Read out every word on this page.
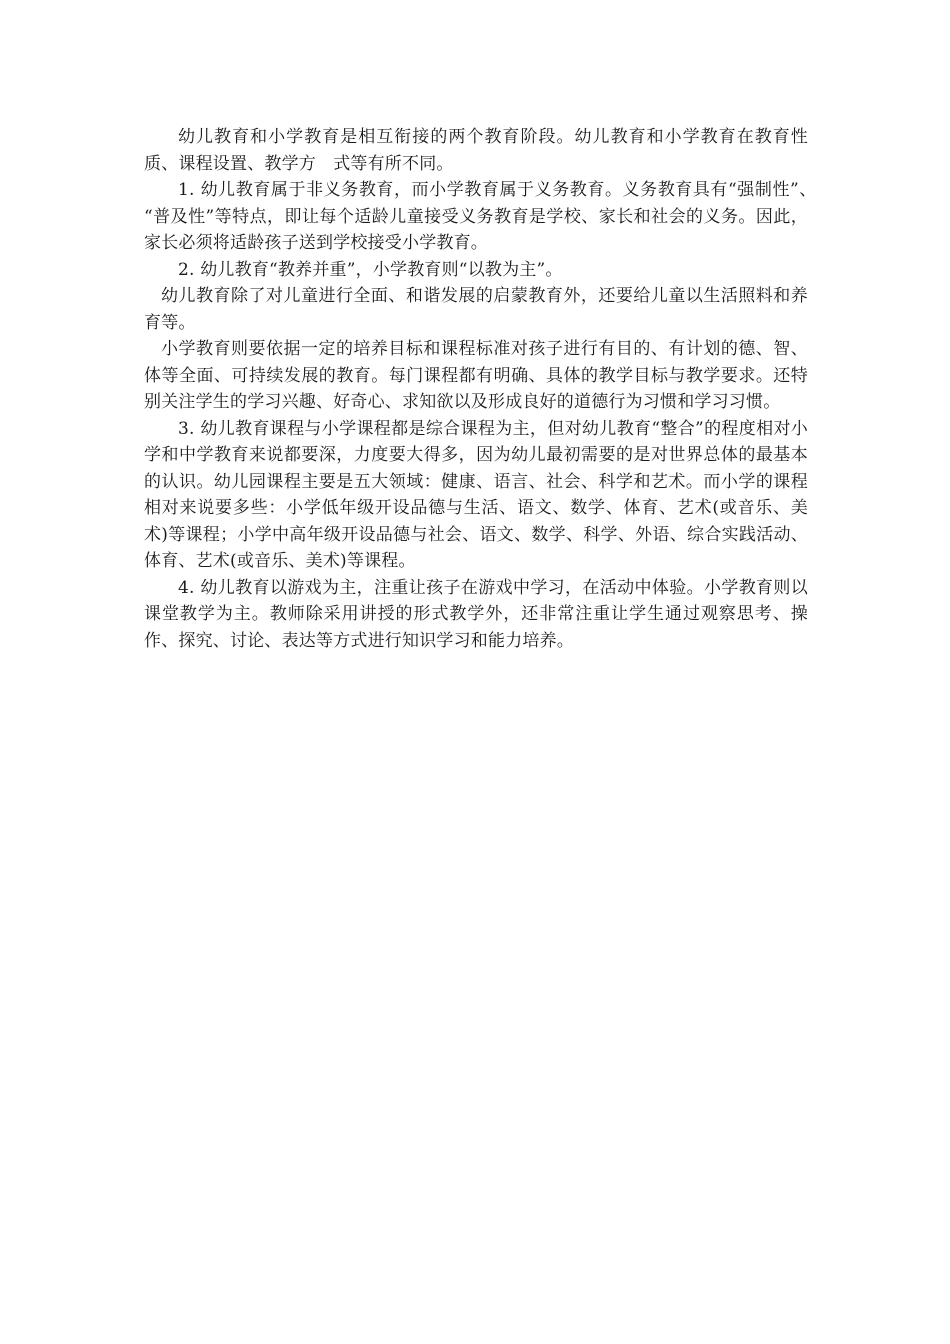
幼儿教育和小学教育是相互衔接的两个教育阶段。幼儿教育和小学教育在教育性质、课程设置、教学方　式等有所不同。

1. 幼儿教育属于非义务教育，而小学教育属于义务教育。义务教育具有“强制性”、　“普及性”等特点，即让每个适龄儿童接受义务教育是学校、家长和社会的义务。因此，家长必须将适龄孩子送到学校接受小学教育。

2. 幼儿教育“教养并重”，小学教育则“以教为主”。

幼儿教育除了对儿童进行全面、和谐发展的启蒙教育外，还要给儿童以生活照料和养育等。

小学教育则要依据一定的培养目标和课程标准对孩子进行有目的、有计划的德、智、体等全面、可持续发展的教育。每门课程都有明确、具体的教学目标与教学要求。还特别关注学生的学习兴趣、好奇心、求知欲以及形成良好的道德行为习惯和学习习惯。

3. 幼儿教育课程与小学课程都是综合课程为主，但对幼儿教育“整合”的程度相对小学和中学教育来说都要深，力度要大得多，因为幼儿最初需要的是对世界总体的最基本的认识。幼儿园课程主要是五大领域：健康、语言、社会、科学和艺术。而小学的课程相对来说要多些：小学低年级开设品德与生活、语文、数学、体育、艺术(或音乐、美术)等课程；小学中高年级开设品德与社会、语文、数学、科学、外语、综合实践活动、体育、艺术(或音乐、美术)等课程。

4. 幼儿教育以游戏为主，注重让孩子在游戏中学习，在活动中体验。小学教育则以课堂教学为主。教师除采用讲授的形式教学外，还非常注重让学生通过观察思考、操作、探究、讨论、表达等方式进行知识学习和能力培养。
